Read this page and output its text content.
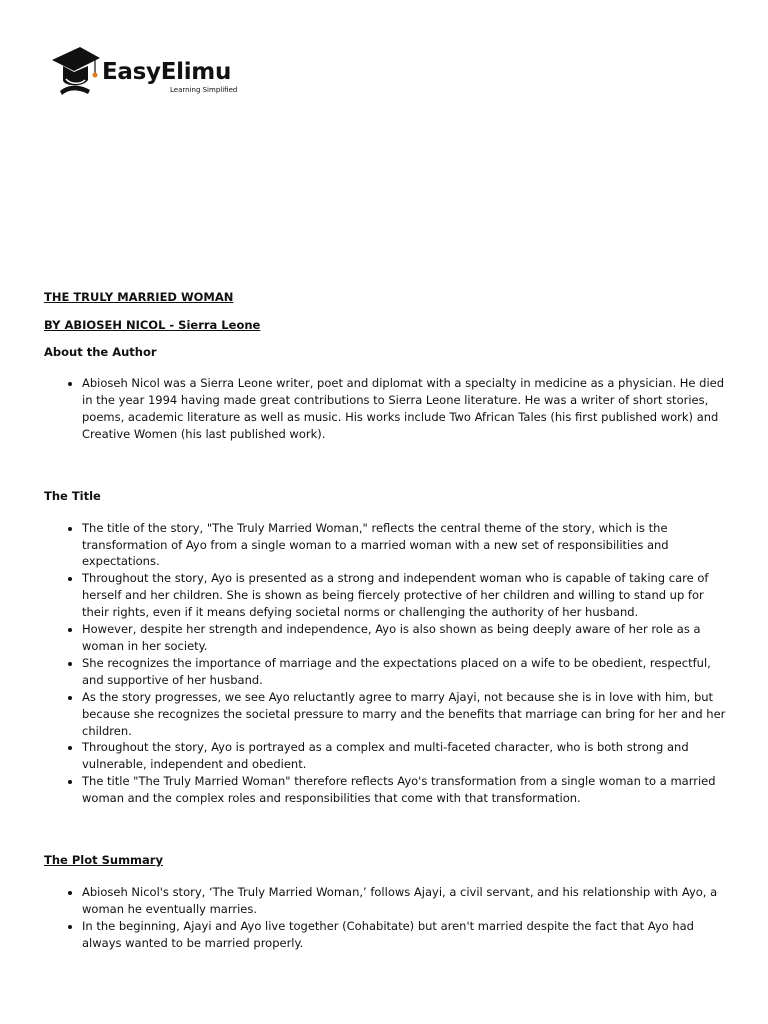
EasyElimu
Learning Simplified

THE TRULY MARRIED WOMAN

BY ABIOSEH NICOL - Sierra Leone

About the Author

• Abioseh Nicol was a Sierra Leone writer, poet and diplomat with a specialty in medicine as a physician. He died in the year 1994 having made great contributions to Sierra Leone literature. He was a writer of short stories, poems, academic literature as well as music. His works include Two African Tales (his first published work) and Creative Women (his last published work).

The Title

• The title of the story, "The Truly Married Woman," reflects the central theme of the story, which is the transformation of Ayo from a single woman to a married woman with a new set of responsibilities and expectations.
• Throughout the story, Ayo is presented as a strong and independent woman who is capable of taking care of herself and her children. She is shown as being fiercely protective of her children and willing to stand up for their rights, even if it means defying societal norms or challenging the authority of her husband.
• However, despite her strength and independence, Ayo is also shown as being deeply aware of her role as a woman in her society.
• She recognizes the importance of marriage and the expectations placed on a wife to be obedient, respectful, and supportive of her husband.
• As the story progresses, we see Ayo reluctantly agree to marry Ajayi, not because she is in love with him, but because she recognizes the societal pressure to marry and the benefits that marriage can bring for her and her children.
• Throughout the story, Ayo is portrayed as a complex and multi-faceted character, who is both strong and vulnerable, independent and obedient.
• The title "The Truly Married Woman" therefore reflects Ayo's transformation from a single woman to a married woman and the complex roles and responsibilities that come with that transformation.

The Plot Summary

• Abioseh Nicol's story, ‘The Truly Married Woman,’ follows Ajayi, a civil servant, and his relationship with Ayo, a woman he eventually marries.
• In the beginning, Ajayi and Ayo live together (Cohabitate) but aren't married despite the fact that Ayo had always wanted to be married properly.
